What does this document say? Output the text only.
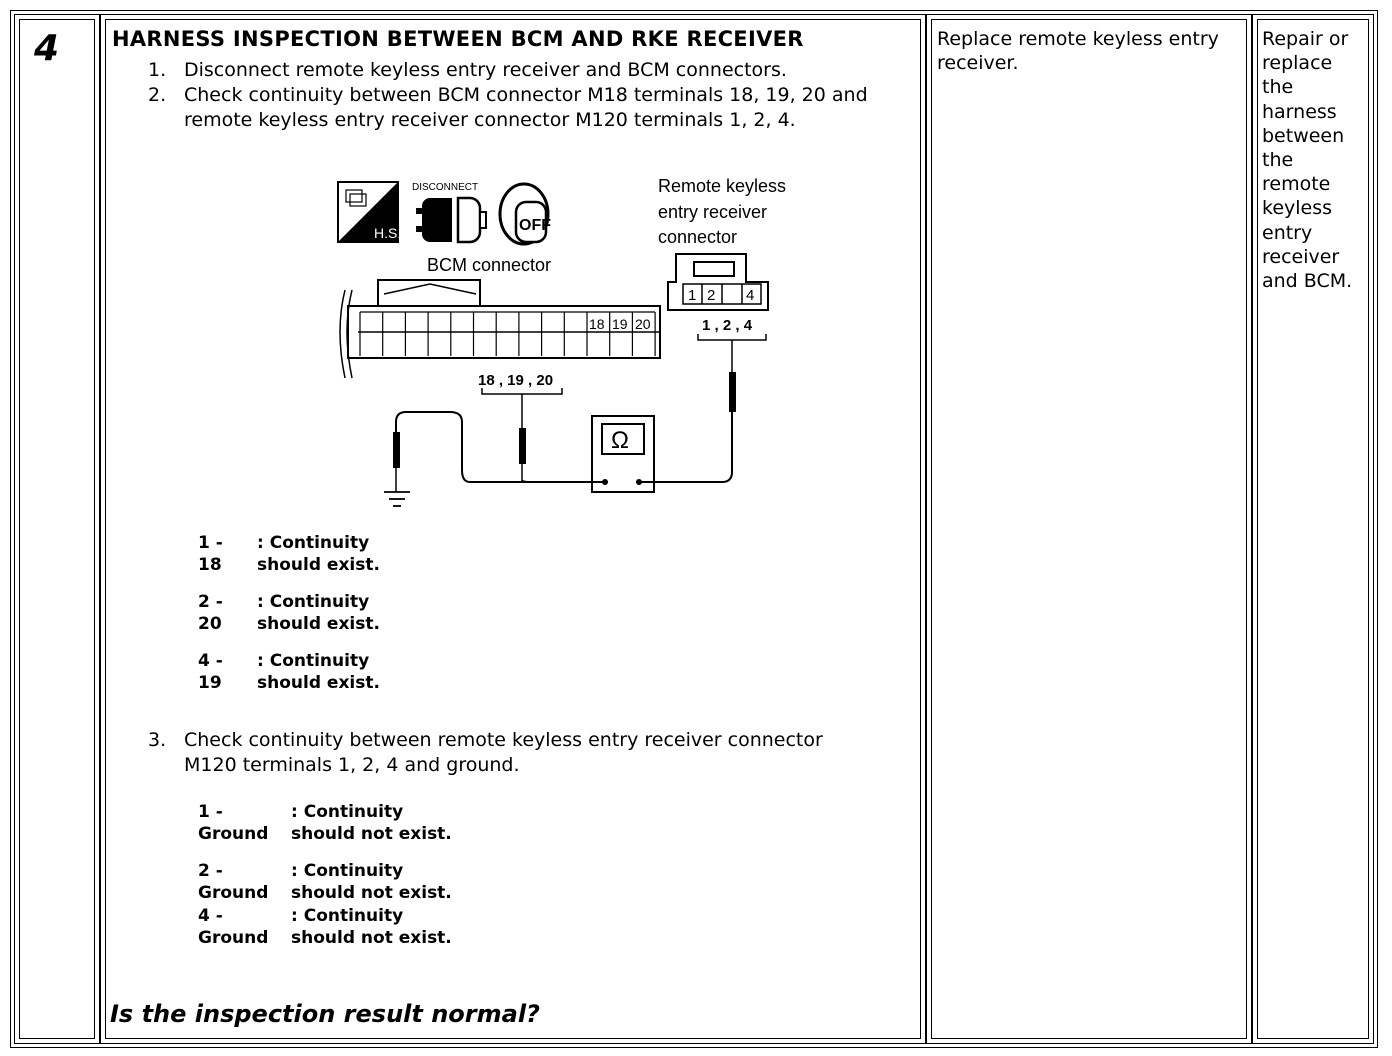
4	HARNESS INSPECTION BETWEEN BCM AND RKE RECEIVER
1. Disconnect remote keyless entry receiver and BCM connectors.
2. Check continuity between BCM connector M18 terminals 18, 19, 20 and
remote keyless entry receiver connector M120 terminals 1, 2, 4.
H.S.
DISCONNECT
OFF
BCM connector
18 19 20
18 , 19 , 20
Remote keyless
entry receiver
connector
1 2 4
1 , 2 , 4
Ω
1 -
18
: Continuity
should exist.
2 -
20
: Continuity
should exist.
4 -
19
: Continuity
should exist.
3. Check continuity between remote keyless entry receiver connector
M120 terminals 1, 2, 4 and ground.
1 -
Ground
: Continuity
should not exist.
2 -
Ground
: Continuity
should not exist.
4 -
Ground
: Continuity
should not exist.
Is the inspection result normal?
Replace remote keyless entry receiver.
Repair or
replace
the
harness
between
the
remote
keyless
entry
receiver
and BCM.
